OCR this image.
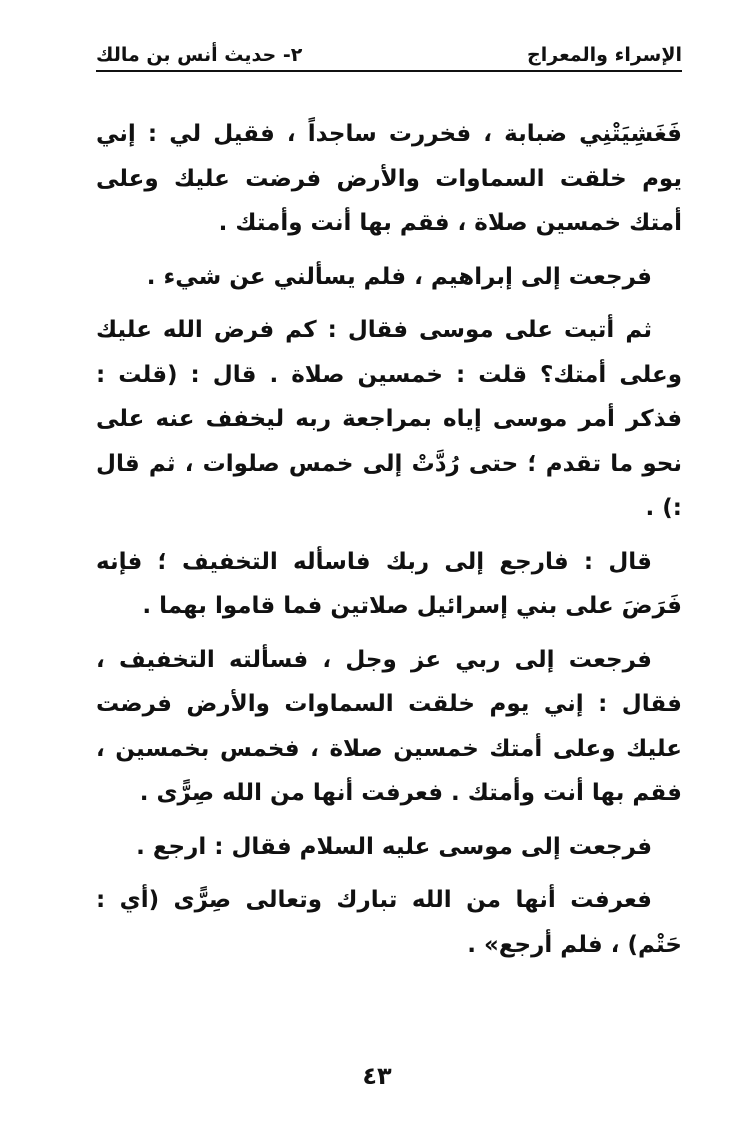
الإسراء والمعراج
٢- حديث أنس بن مالك

فَغَشِيَتْنِي ضبابة ، فخررت ساجداً ، فقيل لي : إني يوم خلقت السماوات والأرض فرضت عليك وعلى أمتك خمسين صلاة ، فقم بها أنت وأمتك .

فرجعت إلى إبراهيم ، فلم يسألني عن شيء .

ثم أتيت على موسى فقال : كم فرض الله عليك وعلى أمتك؟ قلت : خمسين صلاة . قال : (قلت : فذكر أمر موسى إياه بمراجعة ربه ليخفف عنه على نحو ما تقدم ؛ حتى رُدَّتْ إلى خمس صلوات ، ثم قال :) .

قال : فارجع إلى ربك فاسأله التخفيف ؛ فإنه فَرَضَ على بني إسرائيل صلاتين فما قاموا بهما .

فرجعت إلى ربي عز وجل ، فسألته التخفيف ، فقال : إني يوم خلقت السماوات والأرض فرضت عليك وعلى أمتك خمسين صلاة ، فخمس بخمسين ، فقم بها أنت وأمتك . فعرفت أنها من الله صِرًّى .

فرجعت إلى موسى عليه السلام فقال : ارجع .

فعرفت أنها من الله تبارك وتعالى صِرًّى (أي : حَتْم) ، فلم أرجع» .

٤٣
